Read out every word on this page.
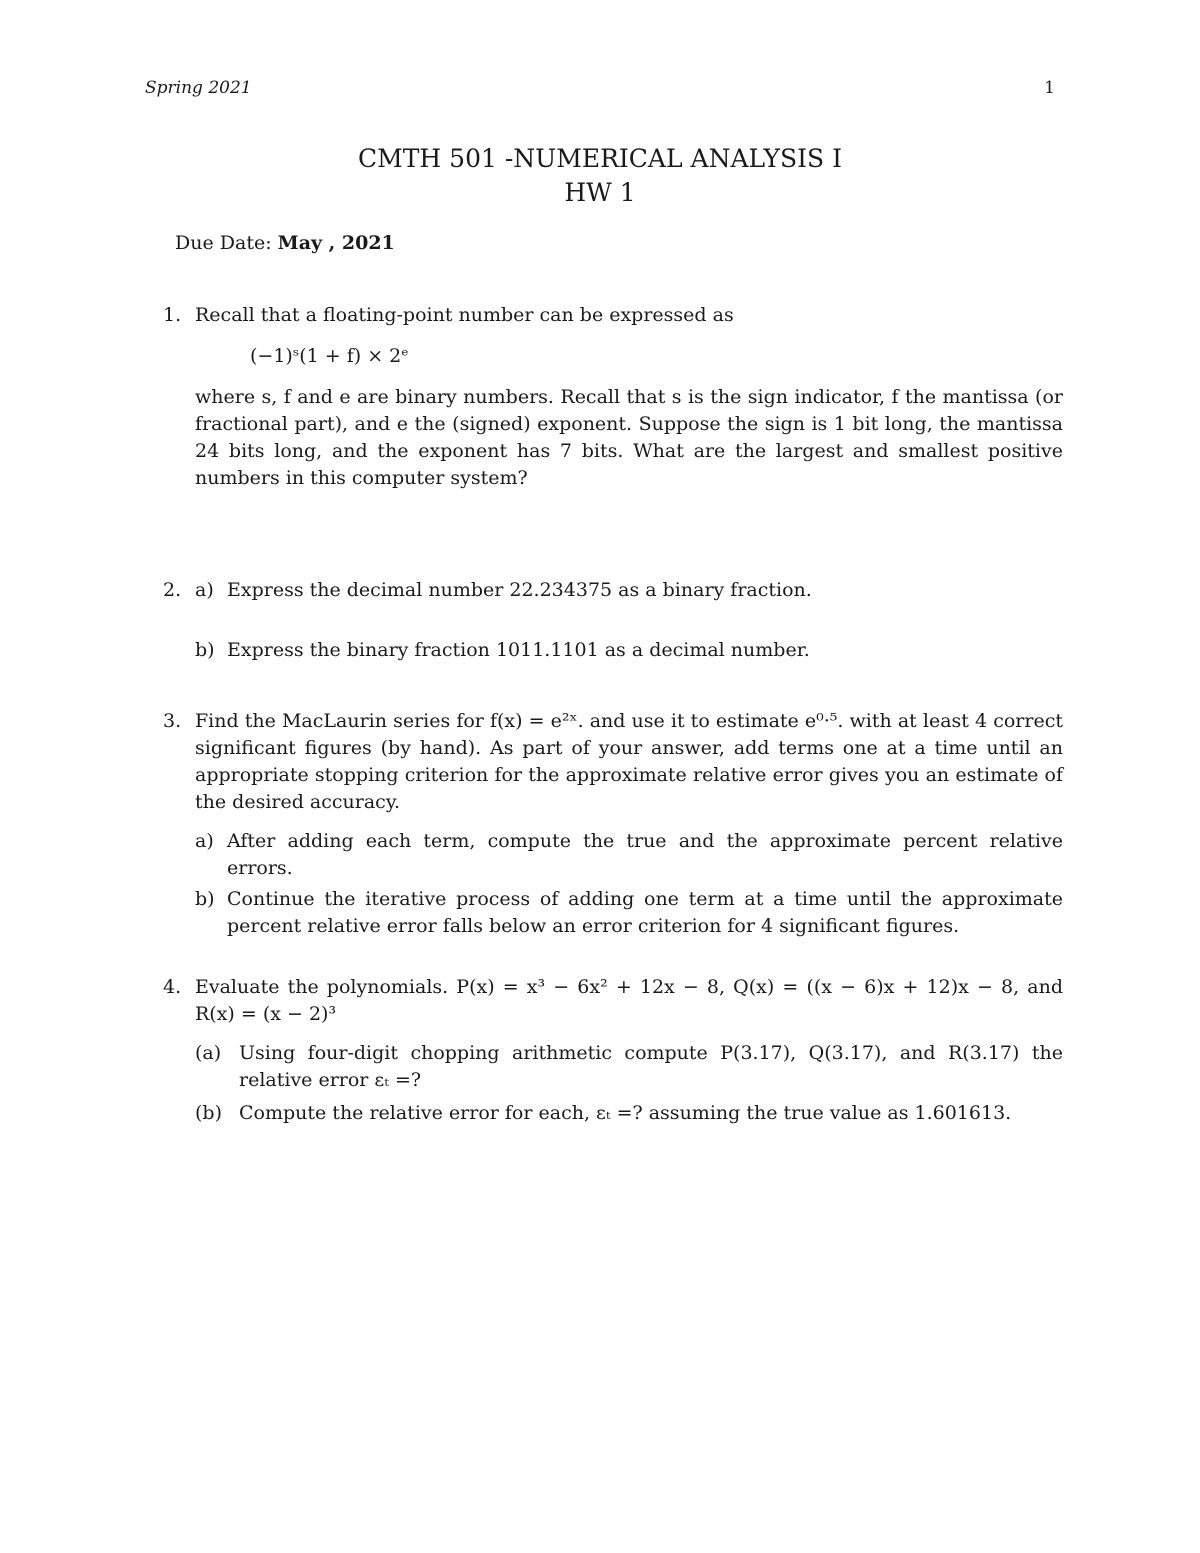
Spring 2021	1
CMTH 501 -NUMERICAL ANALYSIS I
HW 1
Due Date: May , 2021
1. Recall that a floating-point number can be expressed as
(−1)ˢ(1 + f) × 2ᵉ
where s, f and e are binary numbers. Recall that s is the sign indicator, f the mantissa (or fractional part), and e the (signed) exponent. Suppose the sign is 1 bit long, the mantissa 24 bits long, and the exponent has 7 bits. What are the largest and smallest positive numbers in this computer system?
2. a) Express the decimal number 22.234375 as a binary fraction.
b) Express the binary fraction 1011.1101 as a decimal number.
3. Find the MacLaurin series for f(x) = e²ˣ. and use it to estimate e⁰·⁵. with at least 4 correct significant figures (by hand). As part of your answer, add terms one at a time until an appropriate stopping criterion for the approximate relative error gives you an estimate of the desired accuracy.
a) After adding each term, compute the true and the approximate percent relative errors.
b) Continue the iterative process of adding one term at a time until the approximate percent relative error falls below an error criterion for 4 significant figures.
4. Evaluate the polynomials. P(x) = x³ − 6x² + 12x − 8, Q(x) = ((x − 6)x + 12)x − 8, and R(x) = (x − 2)³
(a) Using four-digit chopping arithmetic compute P(3.17), Q(3.17), and R(3.17) the relative error εₜ =?
(b) Compute the relative error for each, εₜ =? assuming the true value as 1.601613.
